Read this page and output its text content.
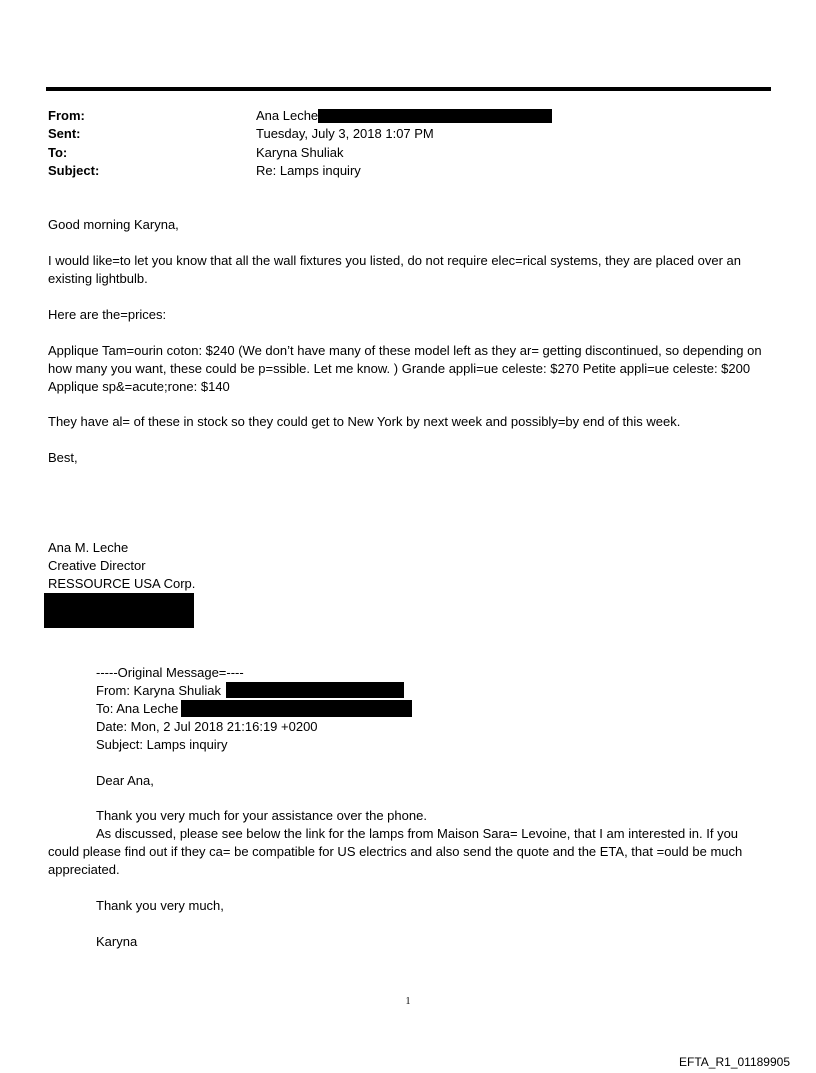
From:	Ana Leche
Sent:	Tuesday, July 3, 2018 1:07 PM
To:	Karyna Shuliak
Subject:	Re: Lamps inquiry

Good morning Karyna,

I would like=to let you know that all the wall fixtures you listed, do not require elec=rical systems, they are placed over an existing lightbulb.

Here are the=prices:

Applique Tam=ourin coton: $240 (We don’t have many of these model left as they ar= getting discontinued, so depending on how many you want, these could be p=ssible. Let me know. ) Grande appli=ue celeste: $270 Petite appli=ue celeste: $200 Applique sp&=acute;rone: $140

They have al= of these in stock so they could get to New York by next week and possibly=by end of this week.

Best,

Ana M. Leche

Creative Director

RESSOURCE USA Corp.

-----Original Message=----
From: Karyna Shuliak
To: Ana Leche
Date: Mon, 2 Jul 2018 21:16:19 +0200
Subject: Lamps inquiry
Dear Ana,
Thank you very much for your assistance over the phone.
As discussed, please see below the link for the lamps from Maison Sara= Levoine, that I am interested in. If you

could please find out if they ca= be compatible for US electrics and also send the quote and the ETA, that =ould be much appreciated.

Thank you very much,
Karyna
1
EFTA_R1_01189905
